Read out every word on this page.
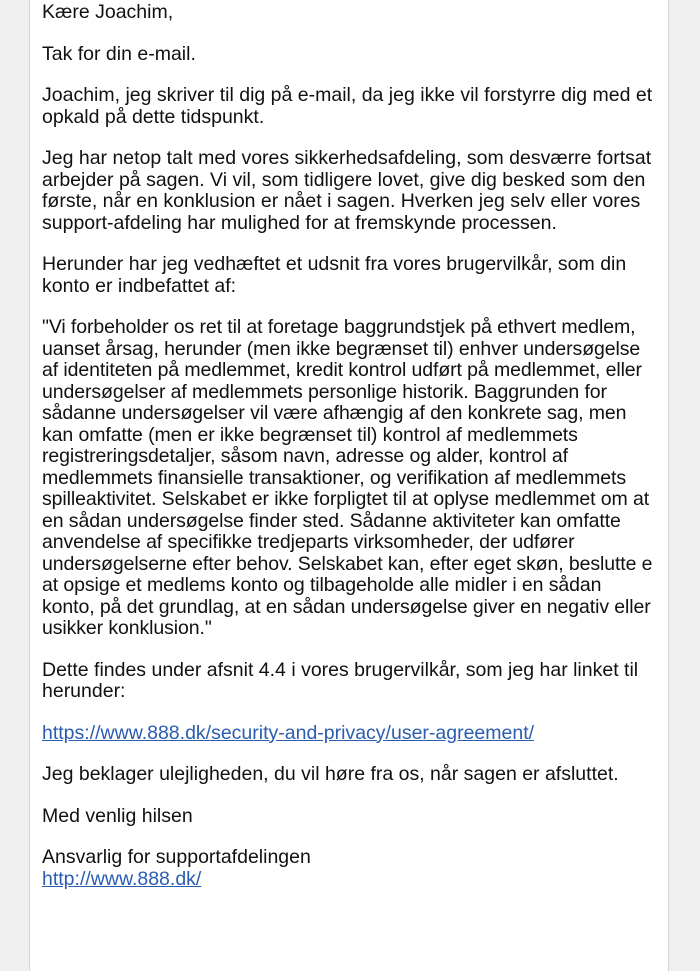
Kære Joachim,

Tak for din e-mail.

Joachim, jeg skriver til dig på e-mail, da jeg ikke vil forstyrre dig med et opkald på dette tidspunkt.

Jeg har netop talt med vores sikkerhedsafdeling, som desværre fortsat arbejder på sagen. Vi vil, som tidligere lovet, give dig besked som den første, når en konklusion er nået i sagen. Hverken jeg selv eller vores support-afdeling har mulighed for at fremskynde processen.

Herunder har jeg vedhæftet et udsnit fra vores brugervilkår, som din konto er indbefattet af:

"Vi forbeholder os ret til at foretage baggrundstjek på ethvert medlem, uanset årsag, herunder (men ikke begrænset til) enhver undersøgelse af identiteten på medlemmet, kredit kontrol udført på medlemmet, eller undersøgelser af medlemmets personlige historik. Baggrunden for sådanne undersøgelser vil være afhængig af den konkrete sag, men kan omfatte (men er ikke begrænset til) kontrol af medlemmets registreringsdetaljer, såsom navn, adresse og alder, kontrol af medlemmets finansielle transaktioner, og verifikation af medlemmets spilleaktivitet. Selskabet er ikke forpligtet til at oplyse medlemmet om at en sådan undersøgelse finder sted. Sådanne aktiviteter kan omfatte anvendelse af specifikke tredjeparts virksomheder, der udfører undersøgelserne efter behov. Selskabet kan, efter eget skøn, beslutte e at opsige et medlems konto og tilbageholde alle midler i en sådan konto, på det grundlag, at en sådan undersøgelse giver en negativ eller usikker konklusion."

Dette findes under afsnit 4.4 i vores brugervilkår, som jeg har linket til herunder:

https://www.888.dk/security-and-privacy/user-agreement/

Jeg beklager ulejligheden, du vil høre fra os, når sagen er afsluttet.

Med venlig hilsen

Ansvarlig for supportafdelingen
http://www.888.dk/
